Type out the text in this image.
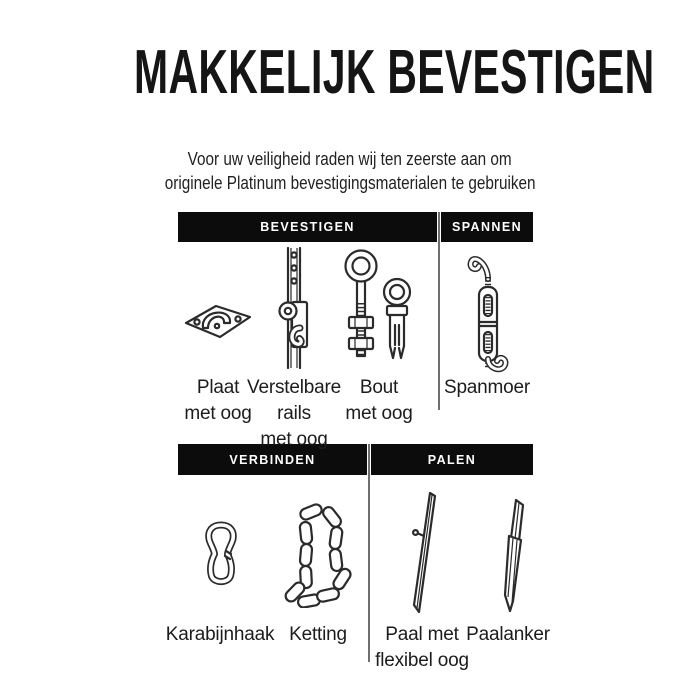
MAKKELIJK BEVESTIGEN
Voor uw veiligheid raden wij ten zeerste aan om
originele Platinum bevestigingsmaterialen te gebruiken
BEVESTIGEN	SPANNEN
VERBINDEN	PALEN
Plaat
met oog
Verstelbare
rails
met oog
Bout
met oog
Spanmoer
Karabijnhaak Ketting	Paal met
flexibel oog
Paalanker
